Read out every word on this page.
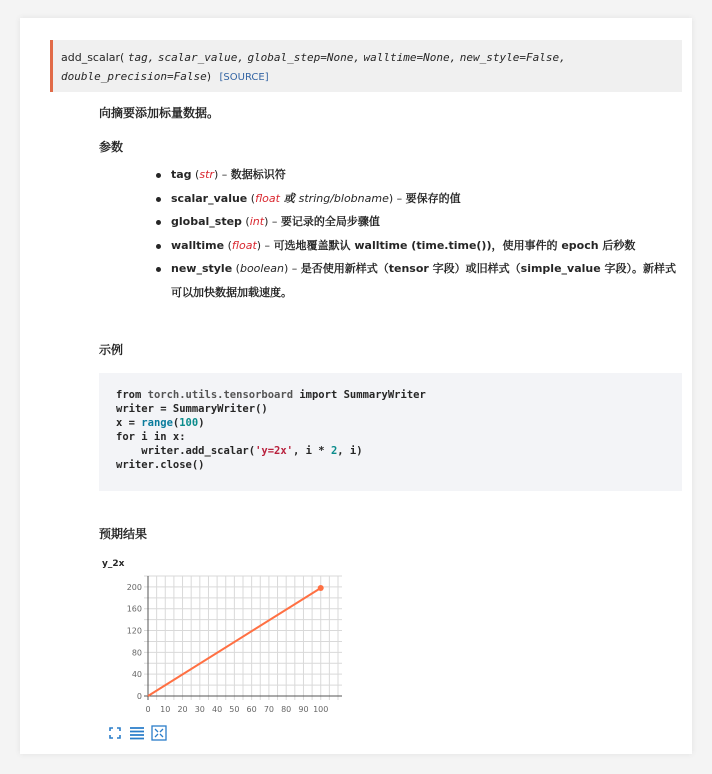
add_scalar( tag, scalar_value, global_step=None, walltime=None, new_style=False,
double_precision=False) [SOURCE]
向摘要添加标量数据。
参数
tag (str) – 数据标识符
scalar_value (float 或 string/blobname) – 要保存的值
global_step (int) – 要记录的全局步骤值
walltime (float) – 可选地覆盖默认 walltime (time.time())，使用事件的 epoch 后秒数
new_style (boolean) – 是否使用新样式（tensor 字段）或旧样式（simple_value 字段）。新样式可以加快数据加载速度。
示例
from torch.utils.tensorboard import SummaryWriter
writer = SummaryWriter()
x = range(100)
for i in x:
writer.add_scalar('y=2x', i * 2, i)
writer.close()
预期结果
y_2x
0
40
80
120
160
200
0 10 20 30 40 50 60 70 80 90 100
